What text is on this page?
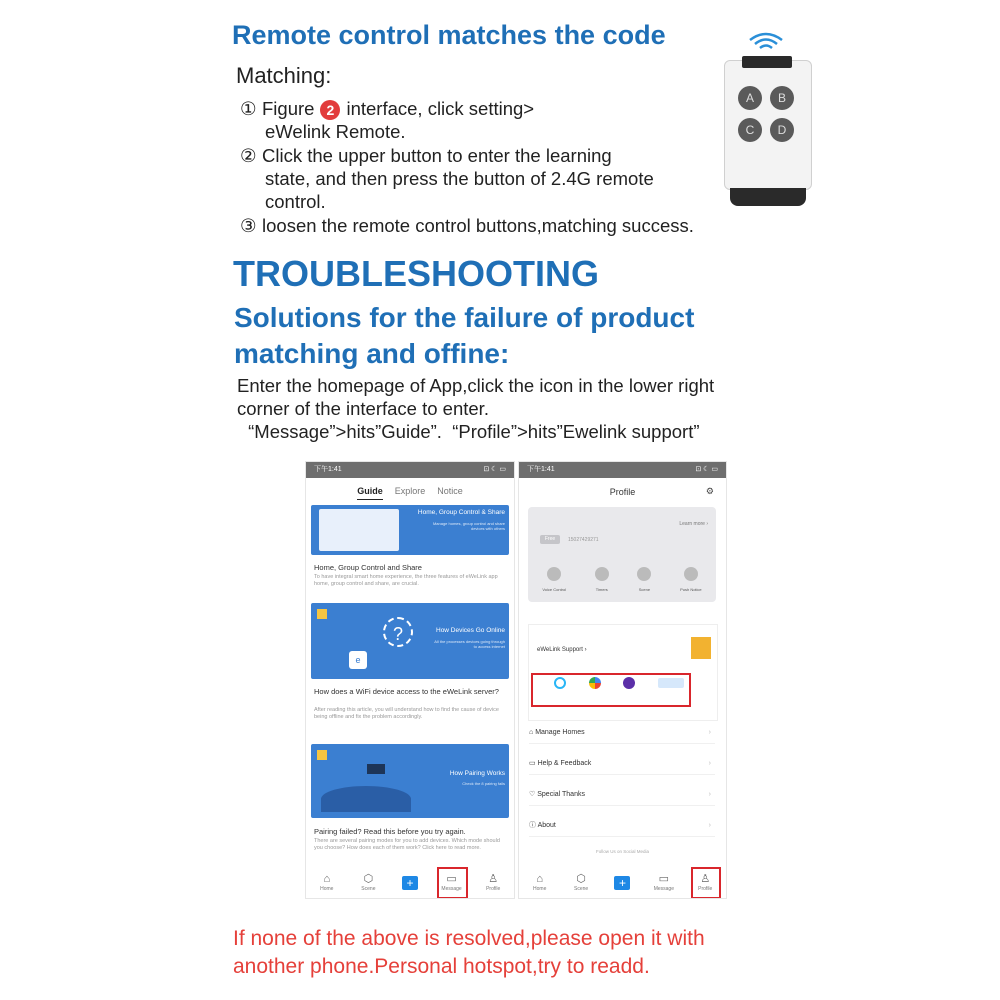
Remote control matches the code
Matching:
① Figure 2 interface, click setting>
eWelink Remote.
② Click the upper button to enter the learning
state, and then press the button of 2.4G remote
control.
③ loosen the remote control buttons,matching success.
A	B
C	D
TROUBLESHOOTING
Solutions for the failure of product
matching and offine:
Enter the homepage of App,click the icon in the lower right
corner of the interface to enter.
“Message”>hits”Guide”.  “Profile”>hits”Ewelink support”
下午1:41	⊡ ☾ ▭
Guide Explore Notice
Home, Group Control & Share
Manage homes, group control and share devices with others
Home, Group Control and Share
To have integral smart home experience, the three features of eWeLink app home, group control and share, are crucial.
?
e
How Devices Go Online
All the processes devices going through to access internet
How does a WiFi device access to the eWeLink server?
After reading this article, you will understand how to find the cause of device being offline and fix the problem accordingly.
How Pairing Works
Check the 8 pairing fails
Pairing failed? Read this before you try again.
There are several pairing modes for you to add devices. Which mode should you choose? How does each of them work? Click here to read more.
⌂
Home
⬡
Scene	+	▭
Message
♙
Profile
下午1:41	⊡ ☾ ▭
Profile	⚙
Learn more ›
Free	15027429271
Voice Control	Timers	Scene	Push Notice
eWeLink Support ›
⌂ Manage Homes	›
▭ Help & Feedback	›
♡ Special Thanks	›
ⓘ About	›
Follow Us on Social Media
⌂
Home
⬡
Scene	+	▭
Message
♙
Profile
If none of the above is resolved,please open it with
another phone.Personal hotspot,try to readd.
